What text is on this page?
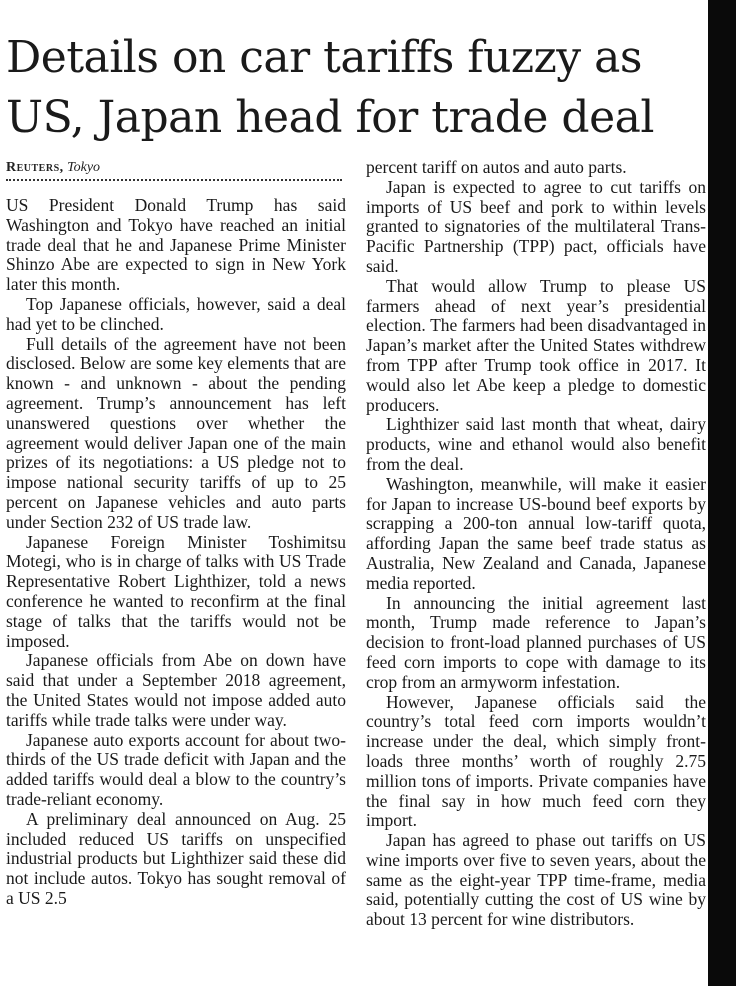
Details on car tariffs fuzzy as
US, Japan head for trade deal
Reuters, Tokyo

US President Donald Trump has said Washington and Tokyo have reached an initial trade deal that he and Japanese Prime Minister Shinzo Abe are expected to sign in New York later this month.

Top Japanese officials, however, said a deal had yet to be clinched.

Full details of the agreement have not been disclosed. Below are some key elements that are known - and unknown - about the pending agreement. Trump’s announcement has left unanswered questions over whether the agreement would deliver Japan one of the main prizes of its negotiations: a US pledge not to impose national security tariffs of up to 25 percent on Japanese vehicles and auto parts under Section 232 of US trade law.

Japanese Foreign Minister Toshimitsu Motegi, who is in charge of talks with US Trade Representative Robert Lighthizer, told a news conference he wanted to reconfirm at the final stage of talks that the tariffs would not be imposed.

Japanese officials from Abe on down have said that under a September 2018 agreement, the United States would not impose added auto tariffs while trade talks were under way.

Japanese auto exports account for about two-thirds of the US trade deficit with Japan and the added tariffs would deal a blow to the country’s trade-reliant economy.

A preliminary deal announced on Aug. 25 included reduced US tariffs on unspecified industrial products but Lighthizer said these did not include autos. Tokyo has sought removal of a US 2.5

percent tariff on autos and auto parts.

Japan is expected to agree to cut tariffs on imports of US beef and pork to within levels granted to signatories of the multilateral Trans-Pacific Partnership (TPP) pact, officials have said.

That would allow Trump to please US farmers ahead of next year’s presidential election. The farmers had been disadvantaged in Japan’s market after the United States withdrew from TPP after Trump took office in 2017. It would also let Abe keep a pledge to domestic producers.

Lighthizer said last month that wheat, dairy products, wine and ethanol would also benefit from the deal.

Washington, meanwhile, will make it easier for Japan to increase US-bound beef exports by scrapping a 200-ton annual low-tariff quota, affording Japan the same beef trade status as Australia, New Zealand and Canada, Japanese media reported.

In announcing the initial agreement last month, Trump made reference to Japan’s decision to front-load planned purchases of US feed corn imports to cope with damage to its crop from an armyworm infestation.

However, Japanese officials said the country’s total feed corn imports wouldn’t increase under the deal, which simply front-loads three months’ worth of roughly 2.75 million tons of imports. Private companies have the final say in how much feed corn they import.

Japan has agreed to phase out tariffs on US wine imports over five to seven years, about the same as the eight-year TPP time-frame, media said, potentially cutting the cost of US wine by about 13 percent for wine distributors.
